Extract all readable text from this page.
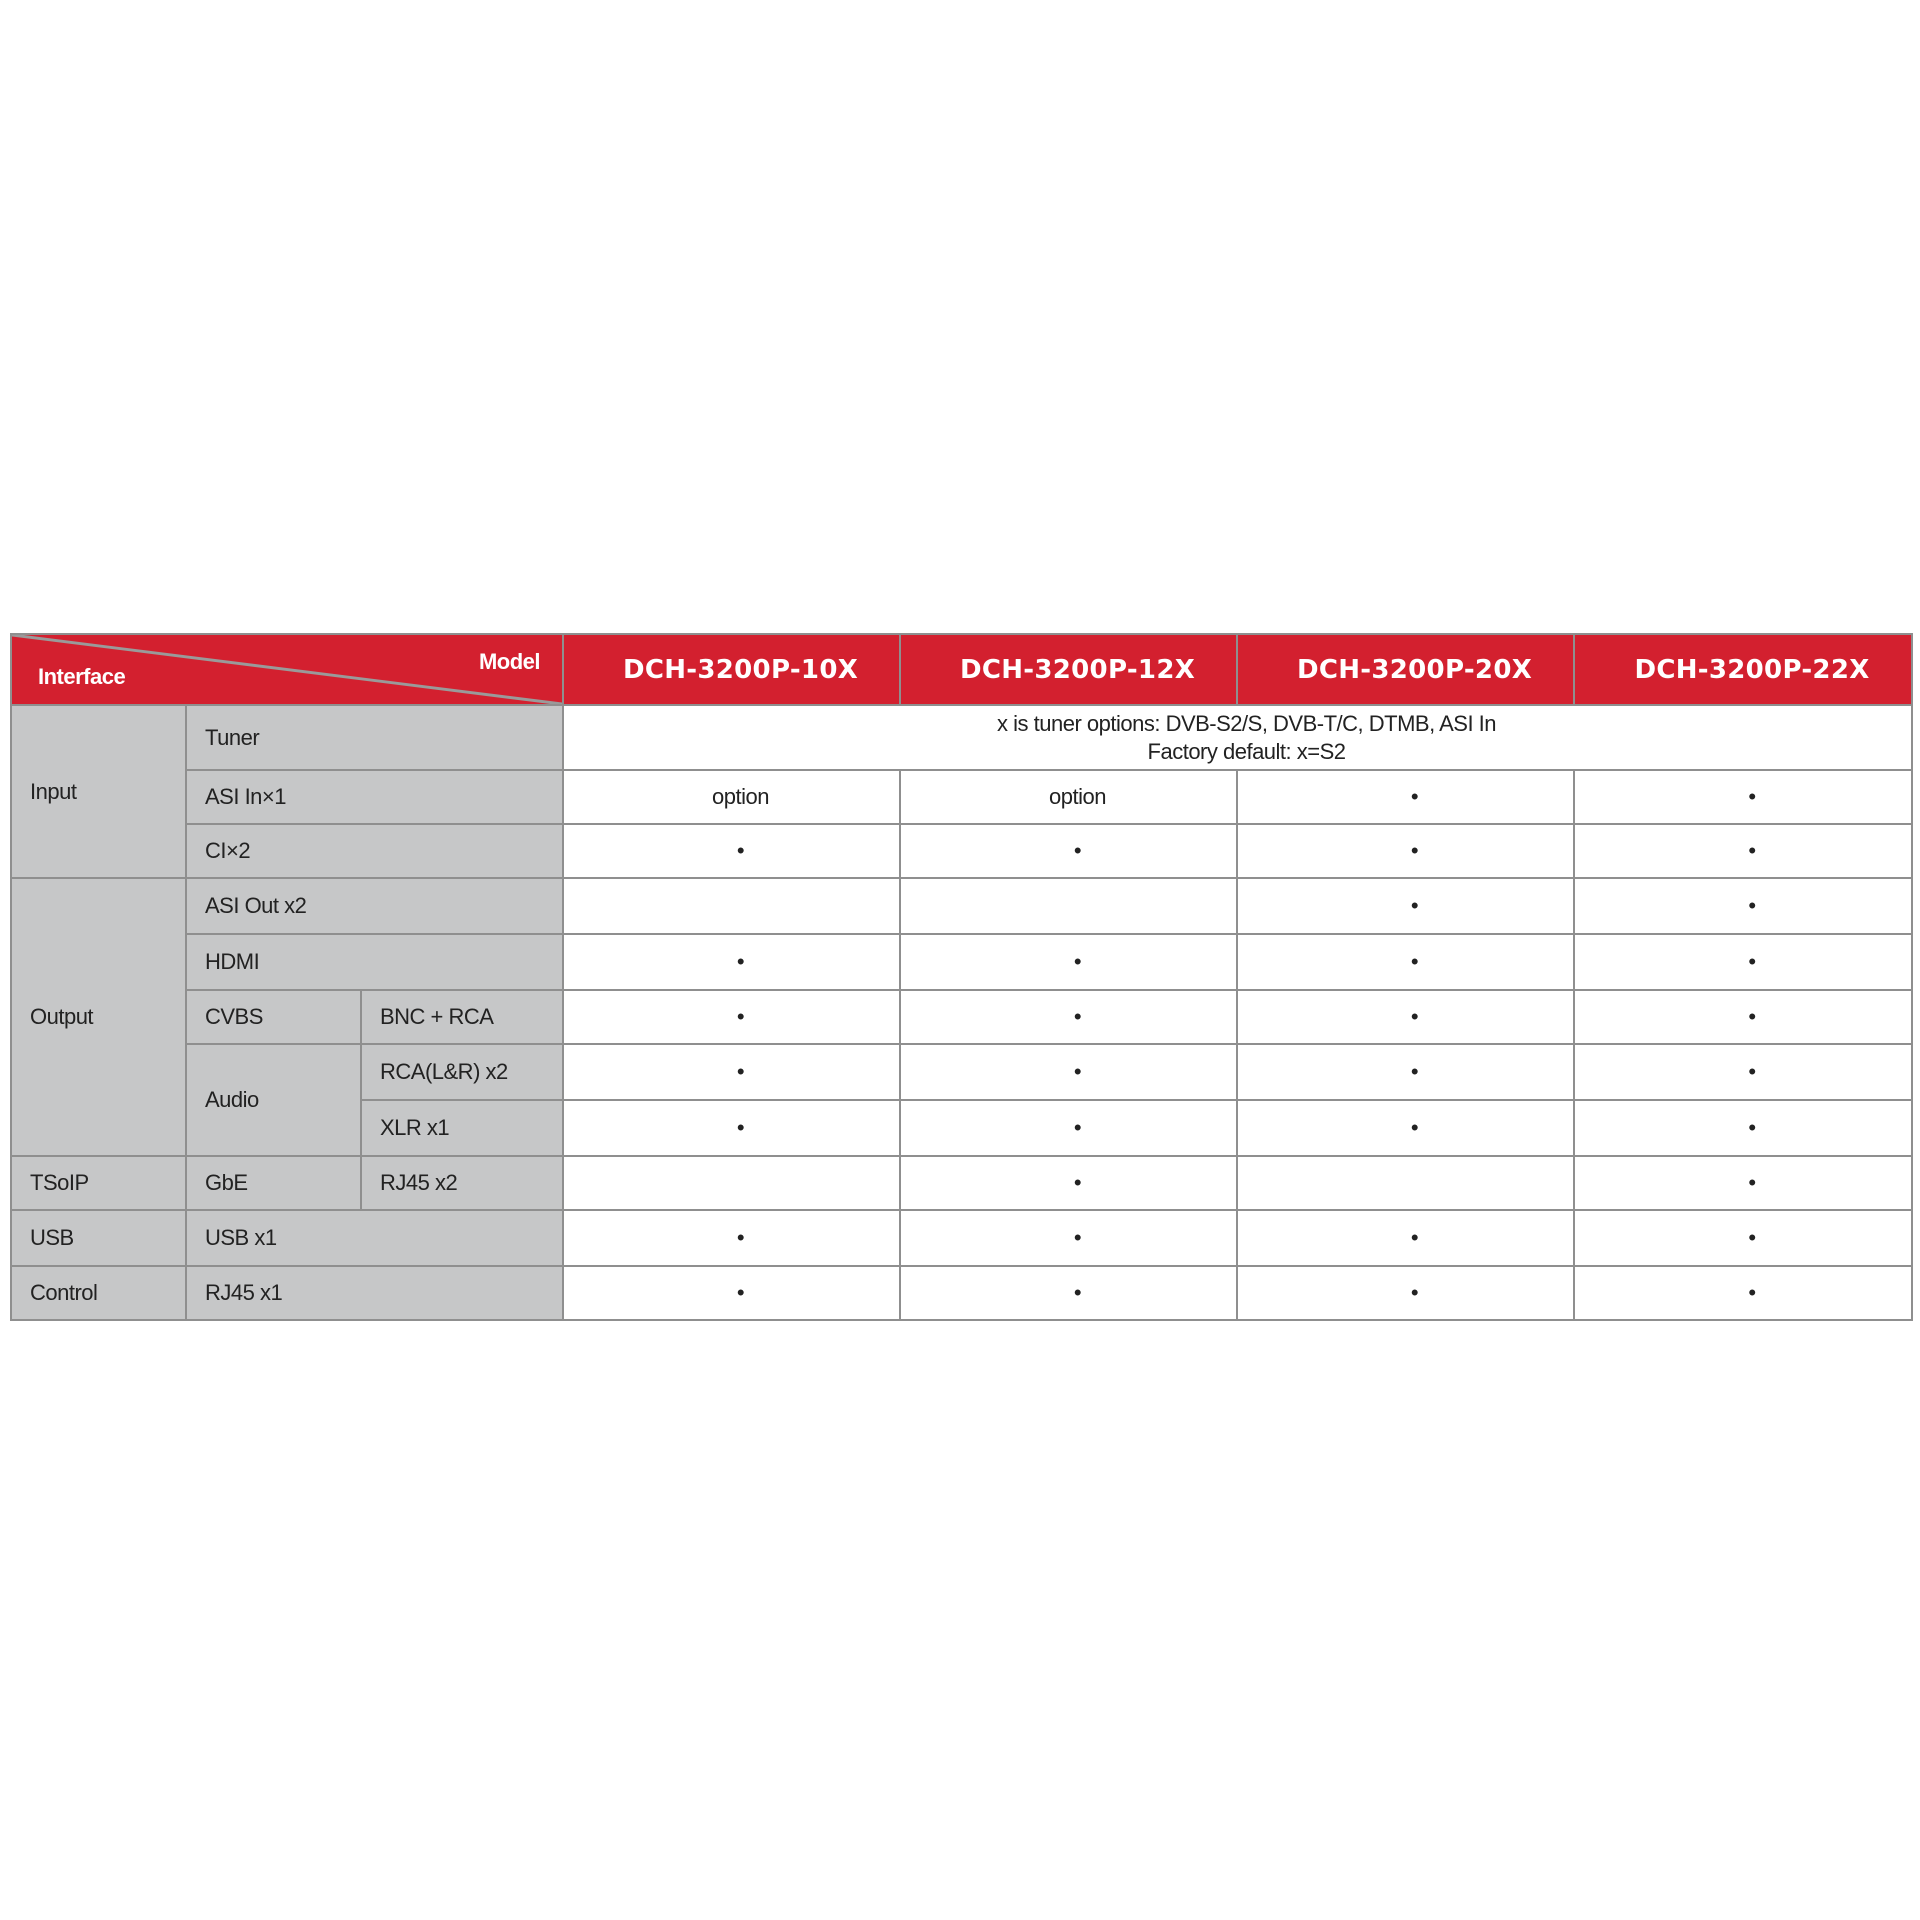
Model
Interface			DCH-3200P-10X	DCH-3200P-12X	DCH-3200P-20X	DCH-3200P-22X
Input	Tuner		x is tuner options: DVB-S2/S, DVB-T/C, DTMB, ASI In
Factory default: x=S2			

	ASI In×1		option	option	•	•
	CI×2		•	•	•	•
Output	ASI Out x2				•	•
	HDMI		•	•	•	•
	CVBS	BNC + RCA	•	•	•	•
	Audio	RCA(L&R) x2	•	•	•	•
		XLR x1	•	•	•	•
TSoIP	GbE	RJ45 x2		•		•
USB	USB x1		•	•	•	•
Control	RJ45 x1		•	•	•	•
